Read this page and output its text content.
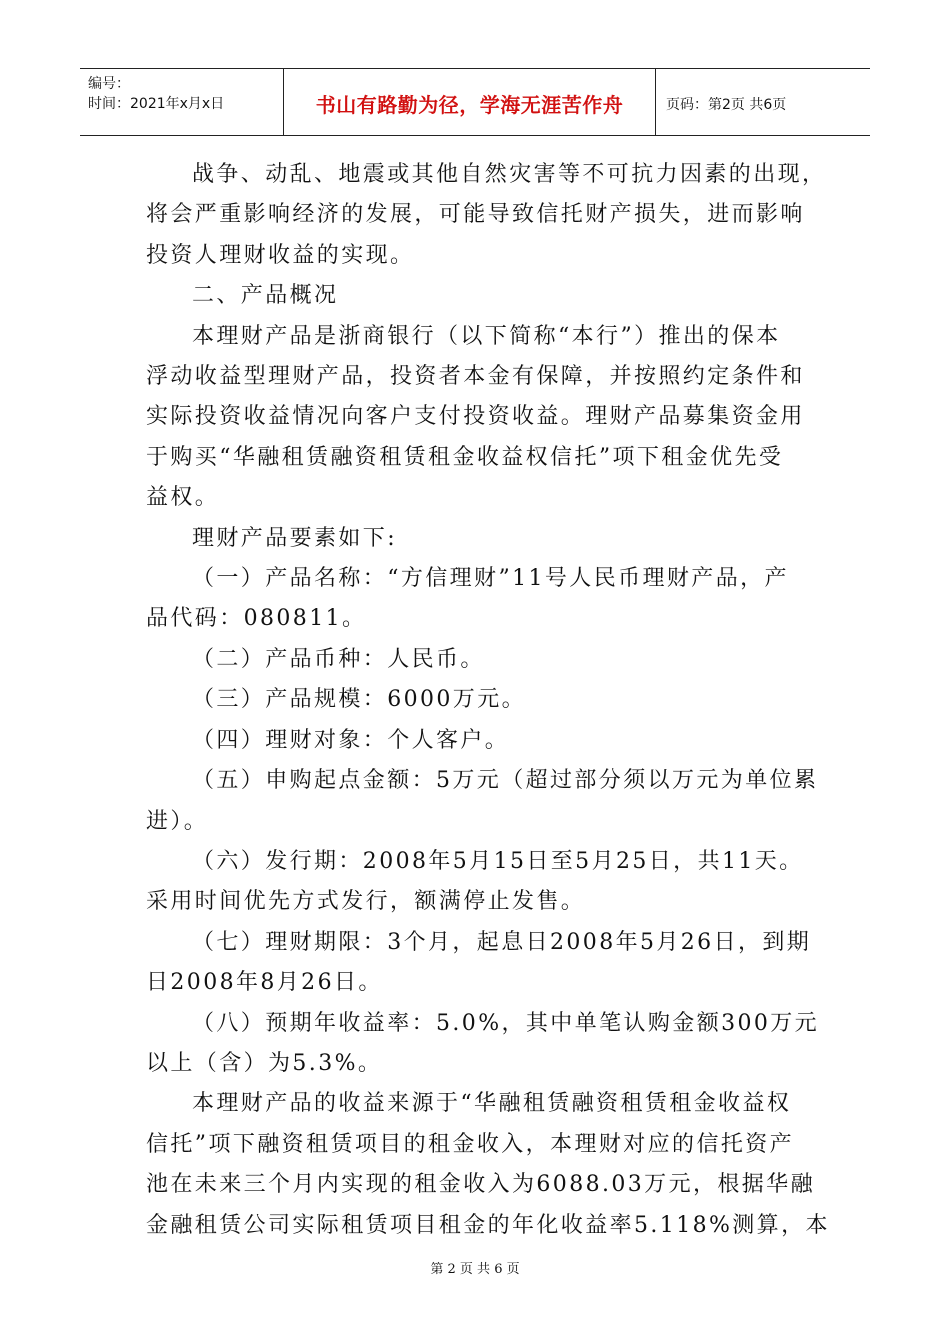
编号：
时间：2021年x月x日	书山有路勤为径，学海无涯苦作舟	页码：第2页 共6页

战争、动乱、地震或其他自然灾害等不可抗力因素的出现，

将会严重影响经济的发展，可能导致信托财产损失，进而影响

投资人理财收益的实现。

二、产品概况

本理财产品是浙商银行（以下简称“本行”）推出的保本

浮动收益型理财产品，投资者本金有保障，并按照约定条件和

实际投资收益情况向客户支付投资收益。理财产品募集资金用

于购买“华融租赁融资租赁租金收益权信托”项下租金优先受

益权。

理财产品要素如下:

（一）产品名称：“方信理财”11号人民币理财产品，产

品代码：080811。

（二）产品币种：人民币。

（三）产品规模：6000万元。

（四）理财对象：个人客户。

（五）申购起点金额：5万元（超过部分须以万元为单位累

进）。

（六）发行期：2008年5月15日至5月25日，共11天。

采用时间优先方式发行，额满停止发售。

（七）理财期限：3个月，起息日2008年5月26日，到期

日2008年8月26日。

（八）预期年收益率：5.0%，其中单笔认购金额300万元

以上（含）为5.3%。

本理财产品的收益来源于“华融租赁融资租赁租金收益权

信托”项下融资租赁项目的租金收入，本理财对应的信托资产

池在未来三个月内实现的租金收入为6088.03万元，根据华融

金融租赁公司实际租赁项目租金的年化收益率5.118%测算，本

第 2 页 共 6 页
